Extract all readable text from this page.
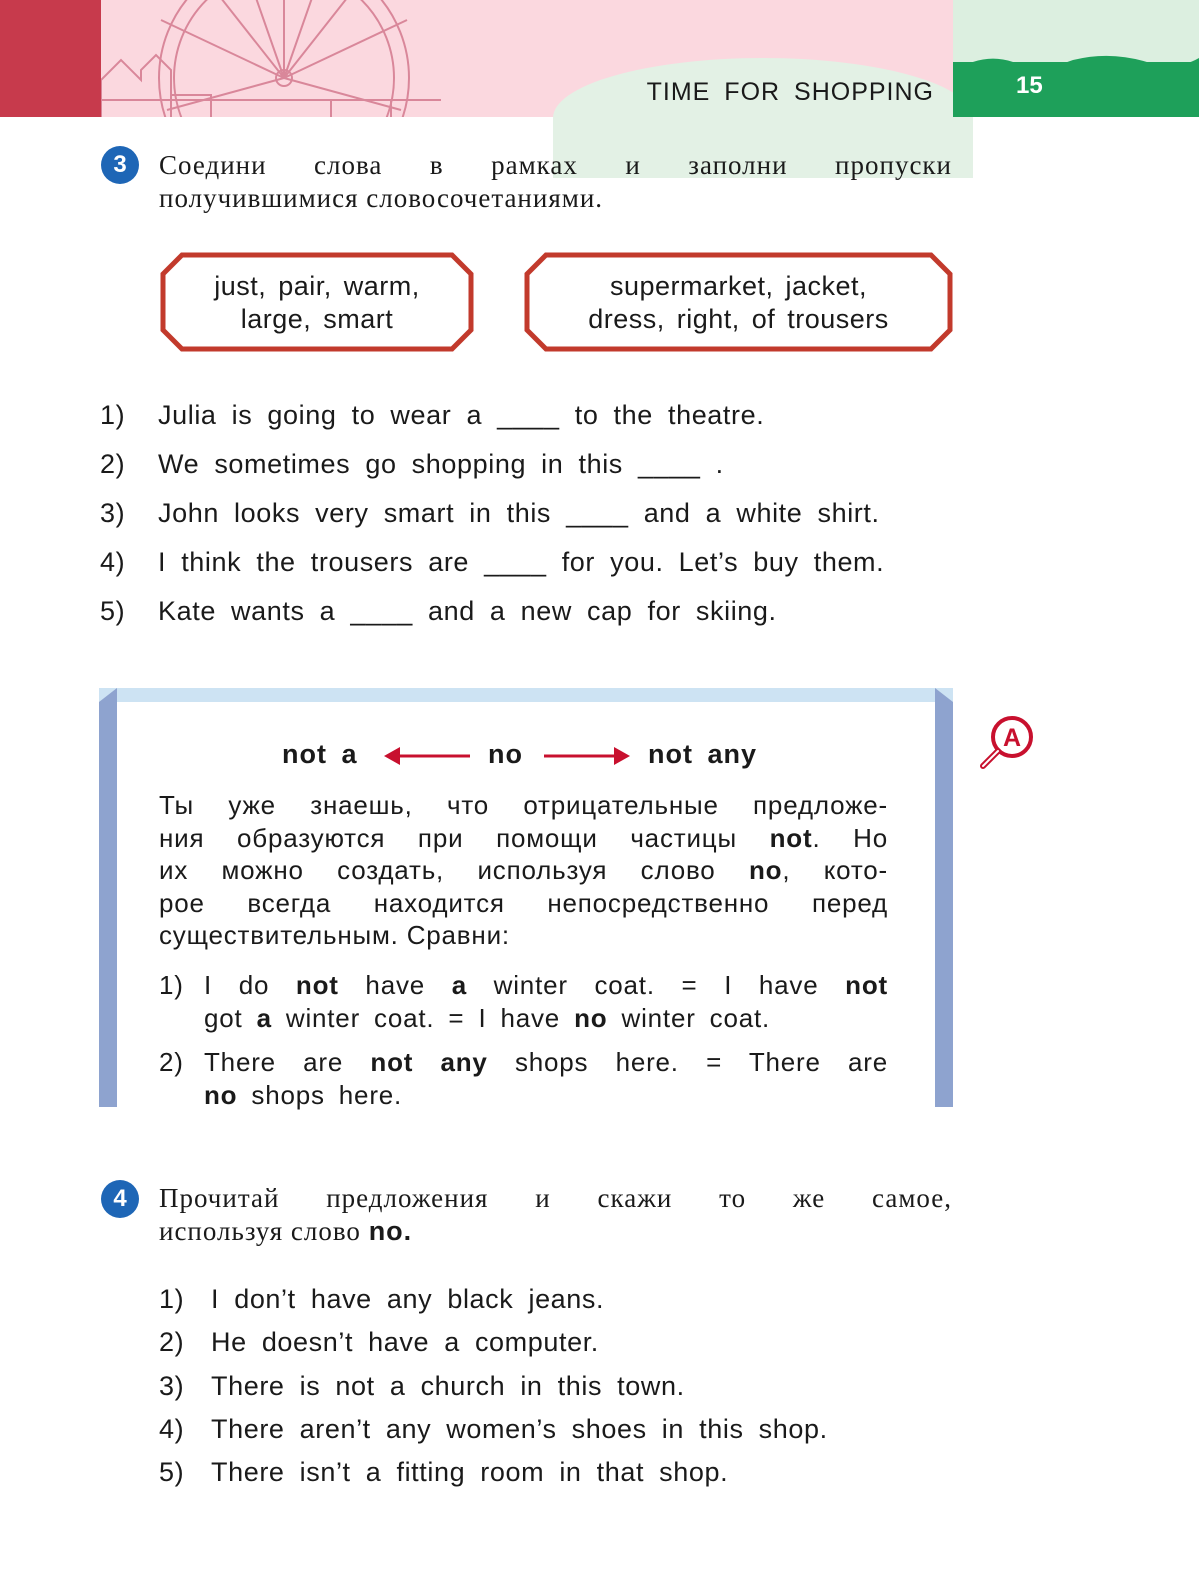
TIME FOR SHOPPING	15
3	Соедини слова в рамках и заполни пропуски
получившимися словосочетаниями.
just, pair, warm,
large, smart
supermarket, jacket,
dress, right, of trousers
1) Julia is going to wear a ____ to the theatre.
2) We sometimes go shopping in this ____ .
3) John looks very smart in this ____ and a white shirt.
4) I think the trousers are ____ for you. Let’s buy them.
5) Kate wants a ____ and a new cap for skiing.
not a	no	not any
Ты уже знаешь, что отрицательные предложе-
ния образуются при помощи частицы not. Но
их можно создать, используя слово no, кото-
рое всегда находится непосредственно перед
существительным. Сравни:
1) I do not have a winter coat. = I have not
got a winter coat. = I have no winter coat.
2) There are not any shops here. = There are
no shops here.
A
4	Прочитай предложения и скажи то же самое,
используя слово no.
1) I don’t have any black jeans.
2) He doesn’t have a computer.
3) There is not a church in this town.
4) There aren’t any women’s shoes in this shop.
5) There isn’t a fitting room in that shop.
